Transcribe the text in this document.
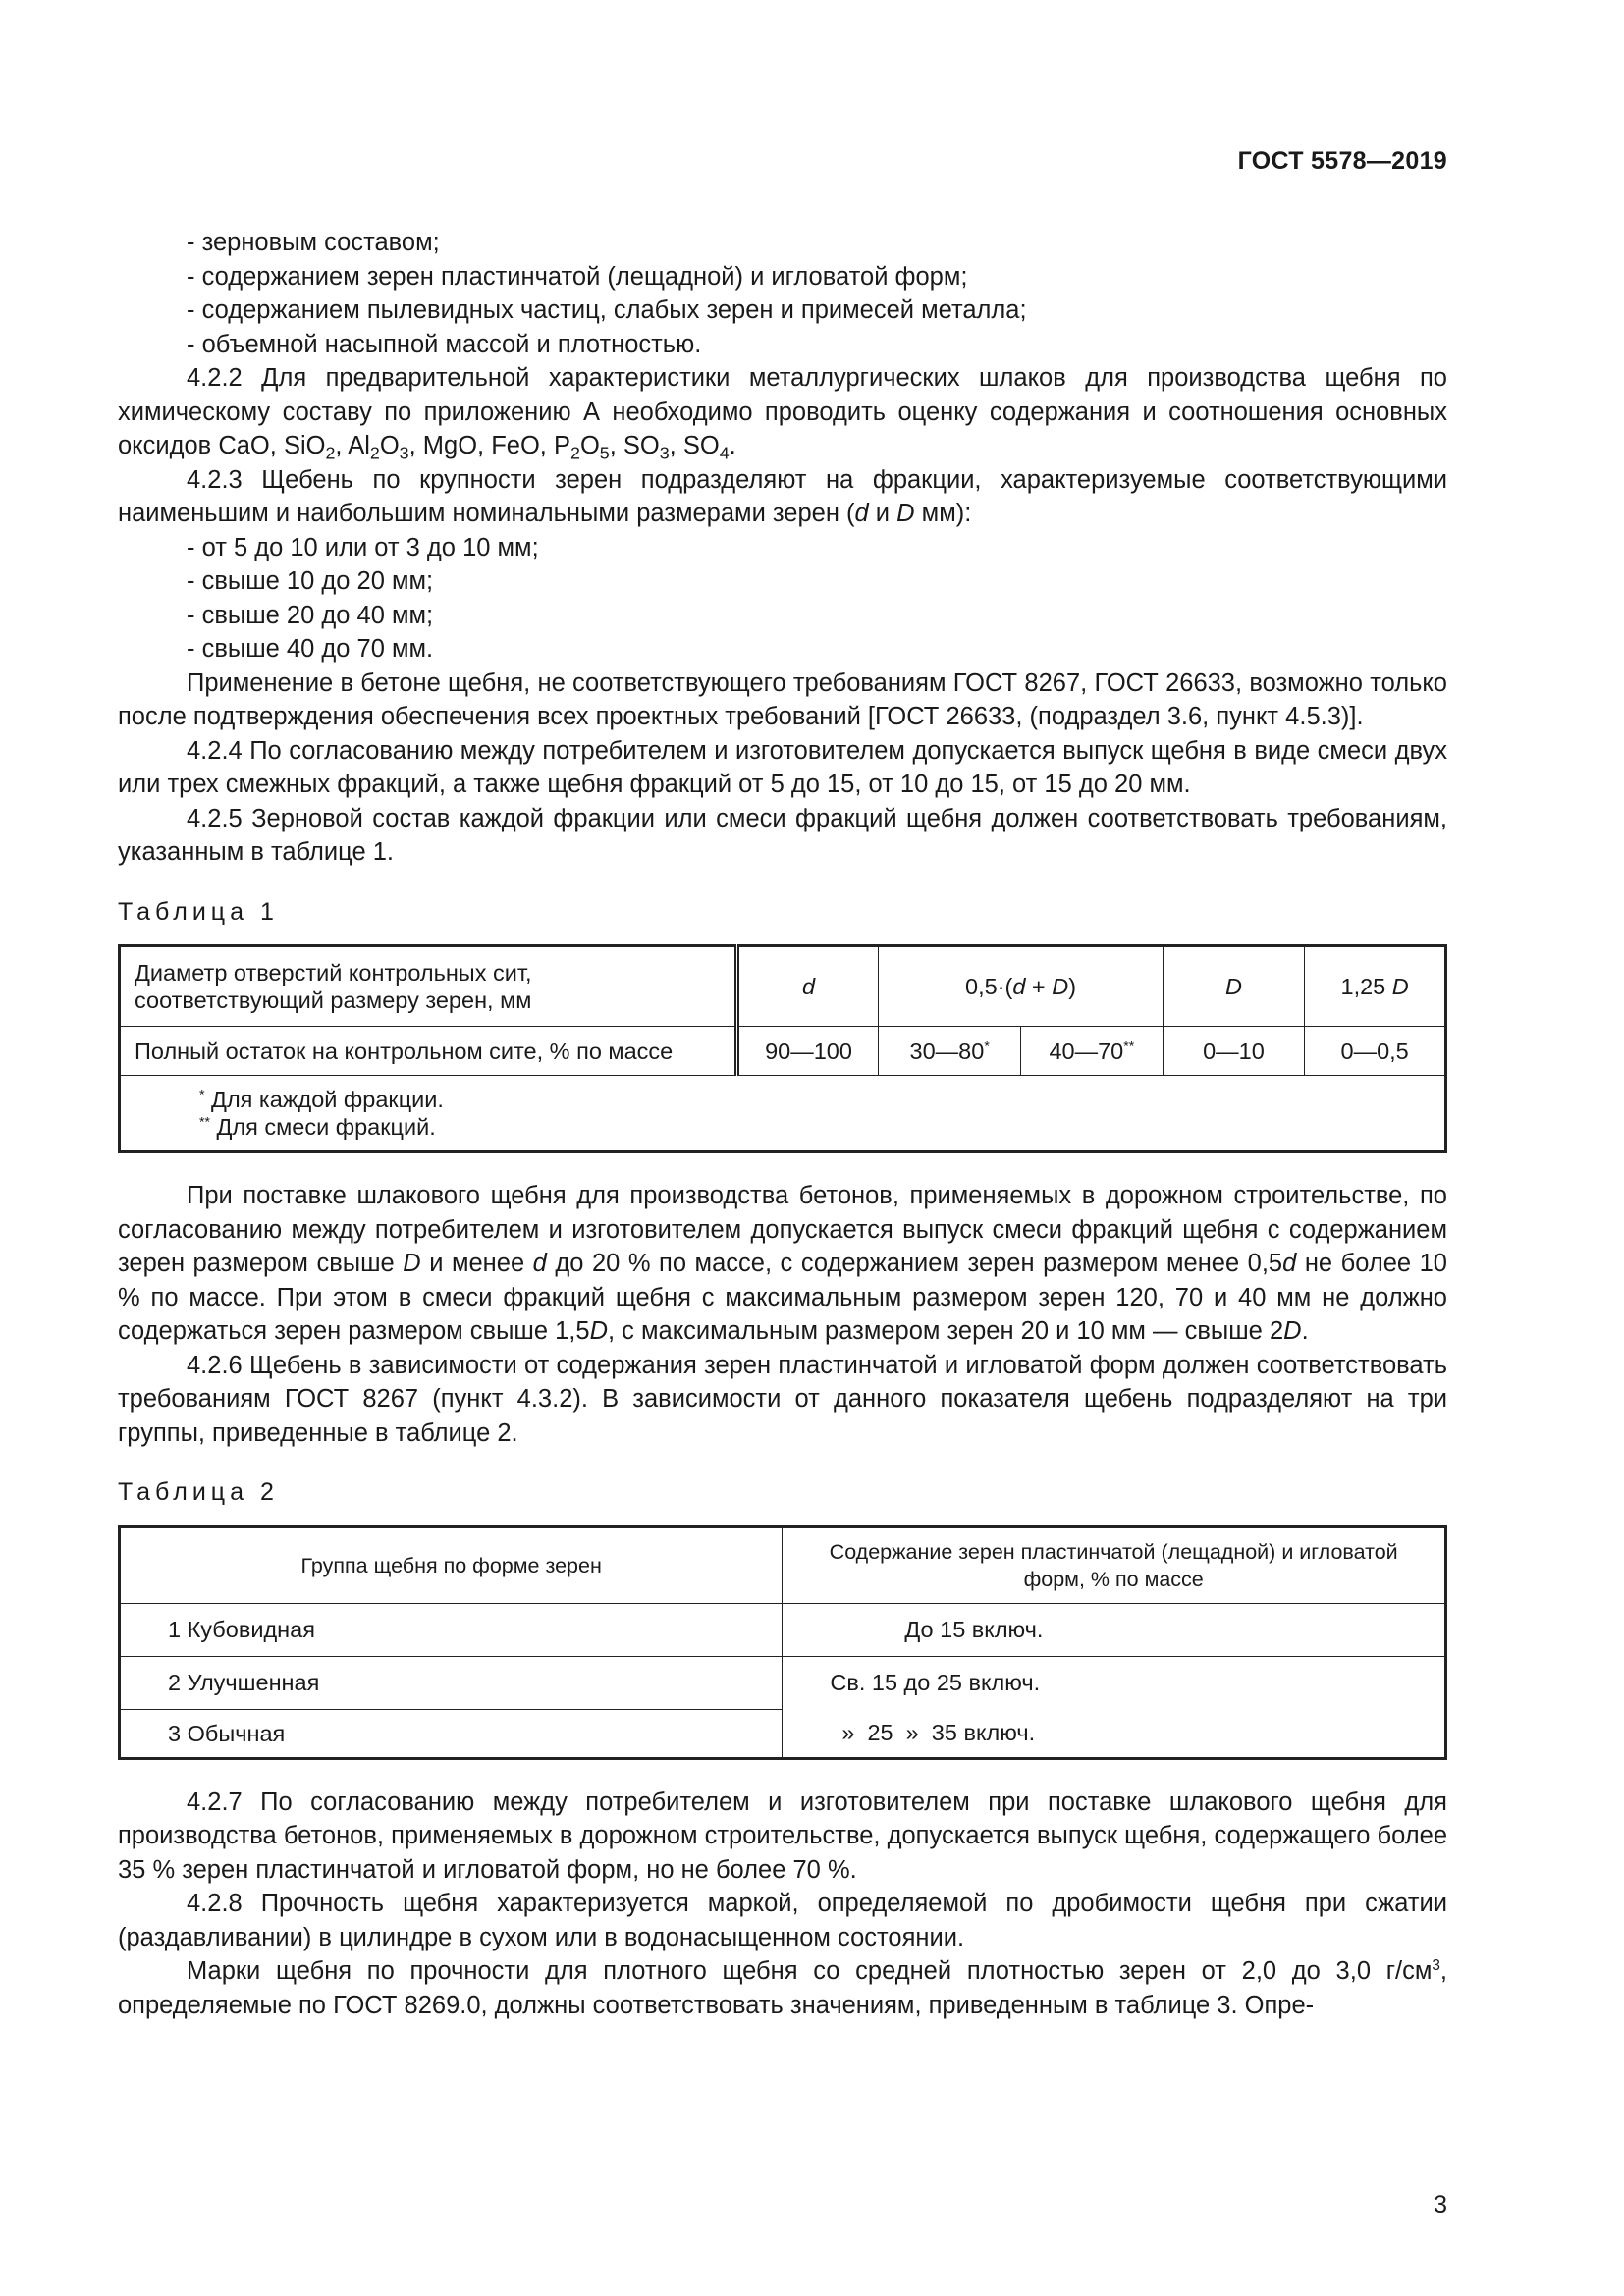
ГОСТ 5578—2019

- зерновым составом;

- содержанием зерен пластинчатой (лещадной) и игловатой форм;

- содержанием пылевидных частиц, слабых зерен и примесей металла;

- объемной насыпной массой и плотностью.

4.2.2 Для предварительной характеристики металлургических шлаков для производства щебня по химическому составу по приложению А необходимо проводить оценку содержания и соотношения основных оксидов CaO, SiO$_2$, $Al_2O_3$, MgO, FeO, $P_2O_5$, $SO_3$, $SO_4$.

4.2.3 Щебень по крупности зерен подразделяют на фракции, характеризуемые соответствующими наименьшим и наибольшим номинальными размерами зерен (d и D мм):

- от 5 до 10 или от 3 до 10 мм;

- свыше 10 до 20 мм;

- свыше 20 до 40 мм;

- свыше 40 до 70 мм.

Применение в бетоне щебня, не соответствующего требованиям ГОСТ 8267, ГОСТ 26633, возможно только после подтверждения обеспечения всех проектных требований [ГОСТ 26633, (подраздел 3.6, пункт 4.5.3)].

4.2.4 По согласованию между потребителем и изготовителем допускается выпуск щебня в виде смеси двух или трех смежных фракций, а также щебня фракций от 5 до 15, от 10 до 15, от 15 до 20 мм.

4.2.5 Зерновой состав каждой фракции или смеси фракций щебня должен соответствовать требованиям, указанным в таблице 1.

Таблица 1
Диаметр отверстий контрольных сит, соответствующий размеру зерен, мм	d	0,5·(d + D)		D	1,25 D
Полный остаток на контрольном сите, % по массе	90—100	30—80*	40—70**	0—10	0—0,5

* Для каждой фракции.
** Для смеси фракций.					

При поставке шлакового щебня для производства бетонов, применяемых в дорожном строительстве, по согласованию между потребителем и изготовителем допускается выпуск смеси фракций щебня с содержанием зерен размером свыше D и менее d до 20 % по массе, с содержанием зерен размером менее 0,5d не более 10 % по массе. При этом в смеси фракций щебня с максимальным размером зерен 120, 70 и 40 мм не должно содержаться зерен размером свыше 1,5D, с максимальным размером зерен 20 и 10 мм — свыше 2D.

4.2.6 Щебень в зависимости от содержания зерен пластинчатой и игловатой форм должен соответствовать требованиям ГОСТ 8267 (пункт 4.3.2). В зависимости от данного показателя щебень подразделяют на три группы, приведенные в таблице 2.

Таблица 2
Группа щебня по форме зерен	Содержание зерен пластинчатой (лещадной) и игловатой форм, % по массе
1 Кубовидная	До 15 включ.
2 Улучшенная	Св. 15 до 25 включ.
3 Обычная	»  25  »  35 включ.

4.2.7 По согласованию между потребителем и изготовителем при поставке шлакового щебня для производства бетонов, применяемых в дорожном строительстве, допускается выпуск щебня, содержащего более 35 % зерен пластинчатой и игловатой форм, но не более 70 %.

4.2.8 Прочность щебня характеризуется маркой, определяемой по дробимости щебня при сжатии (раздавливании) в цилиндре в сухом или в водонасыщенном состоянии.

Марки щебня по прочности для плотного щебня со средней плотностью зерен от 2,0 до 3,0 $г/см^3$, определяемые по ГОСТ 8269.0, должны соответствовать значениям, приведенным в таблице 3. Опре-

3
